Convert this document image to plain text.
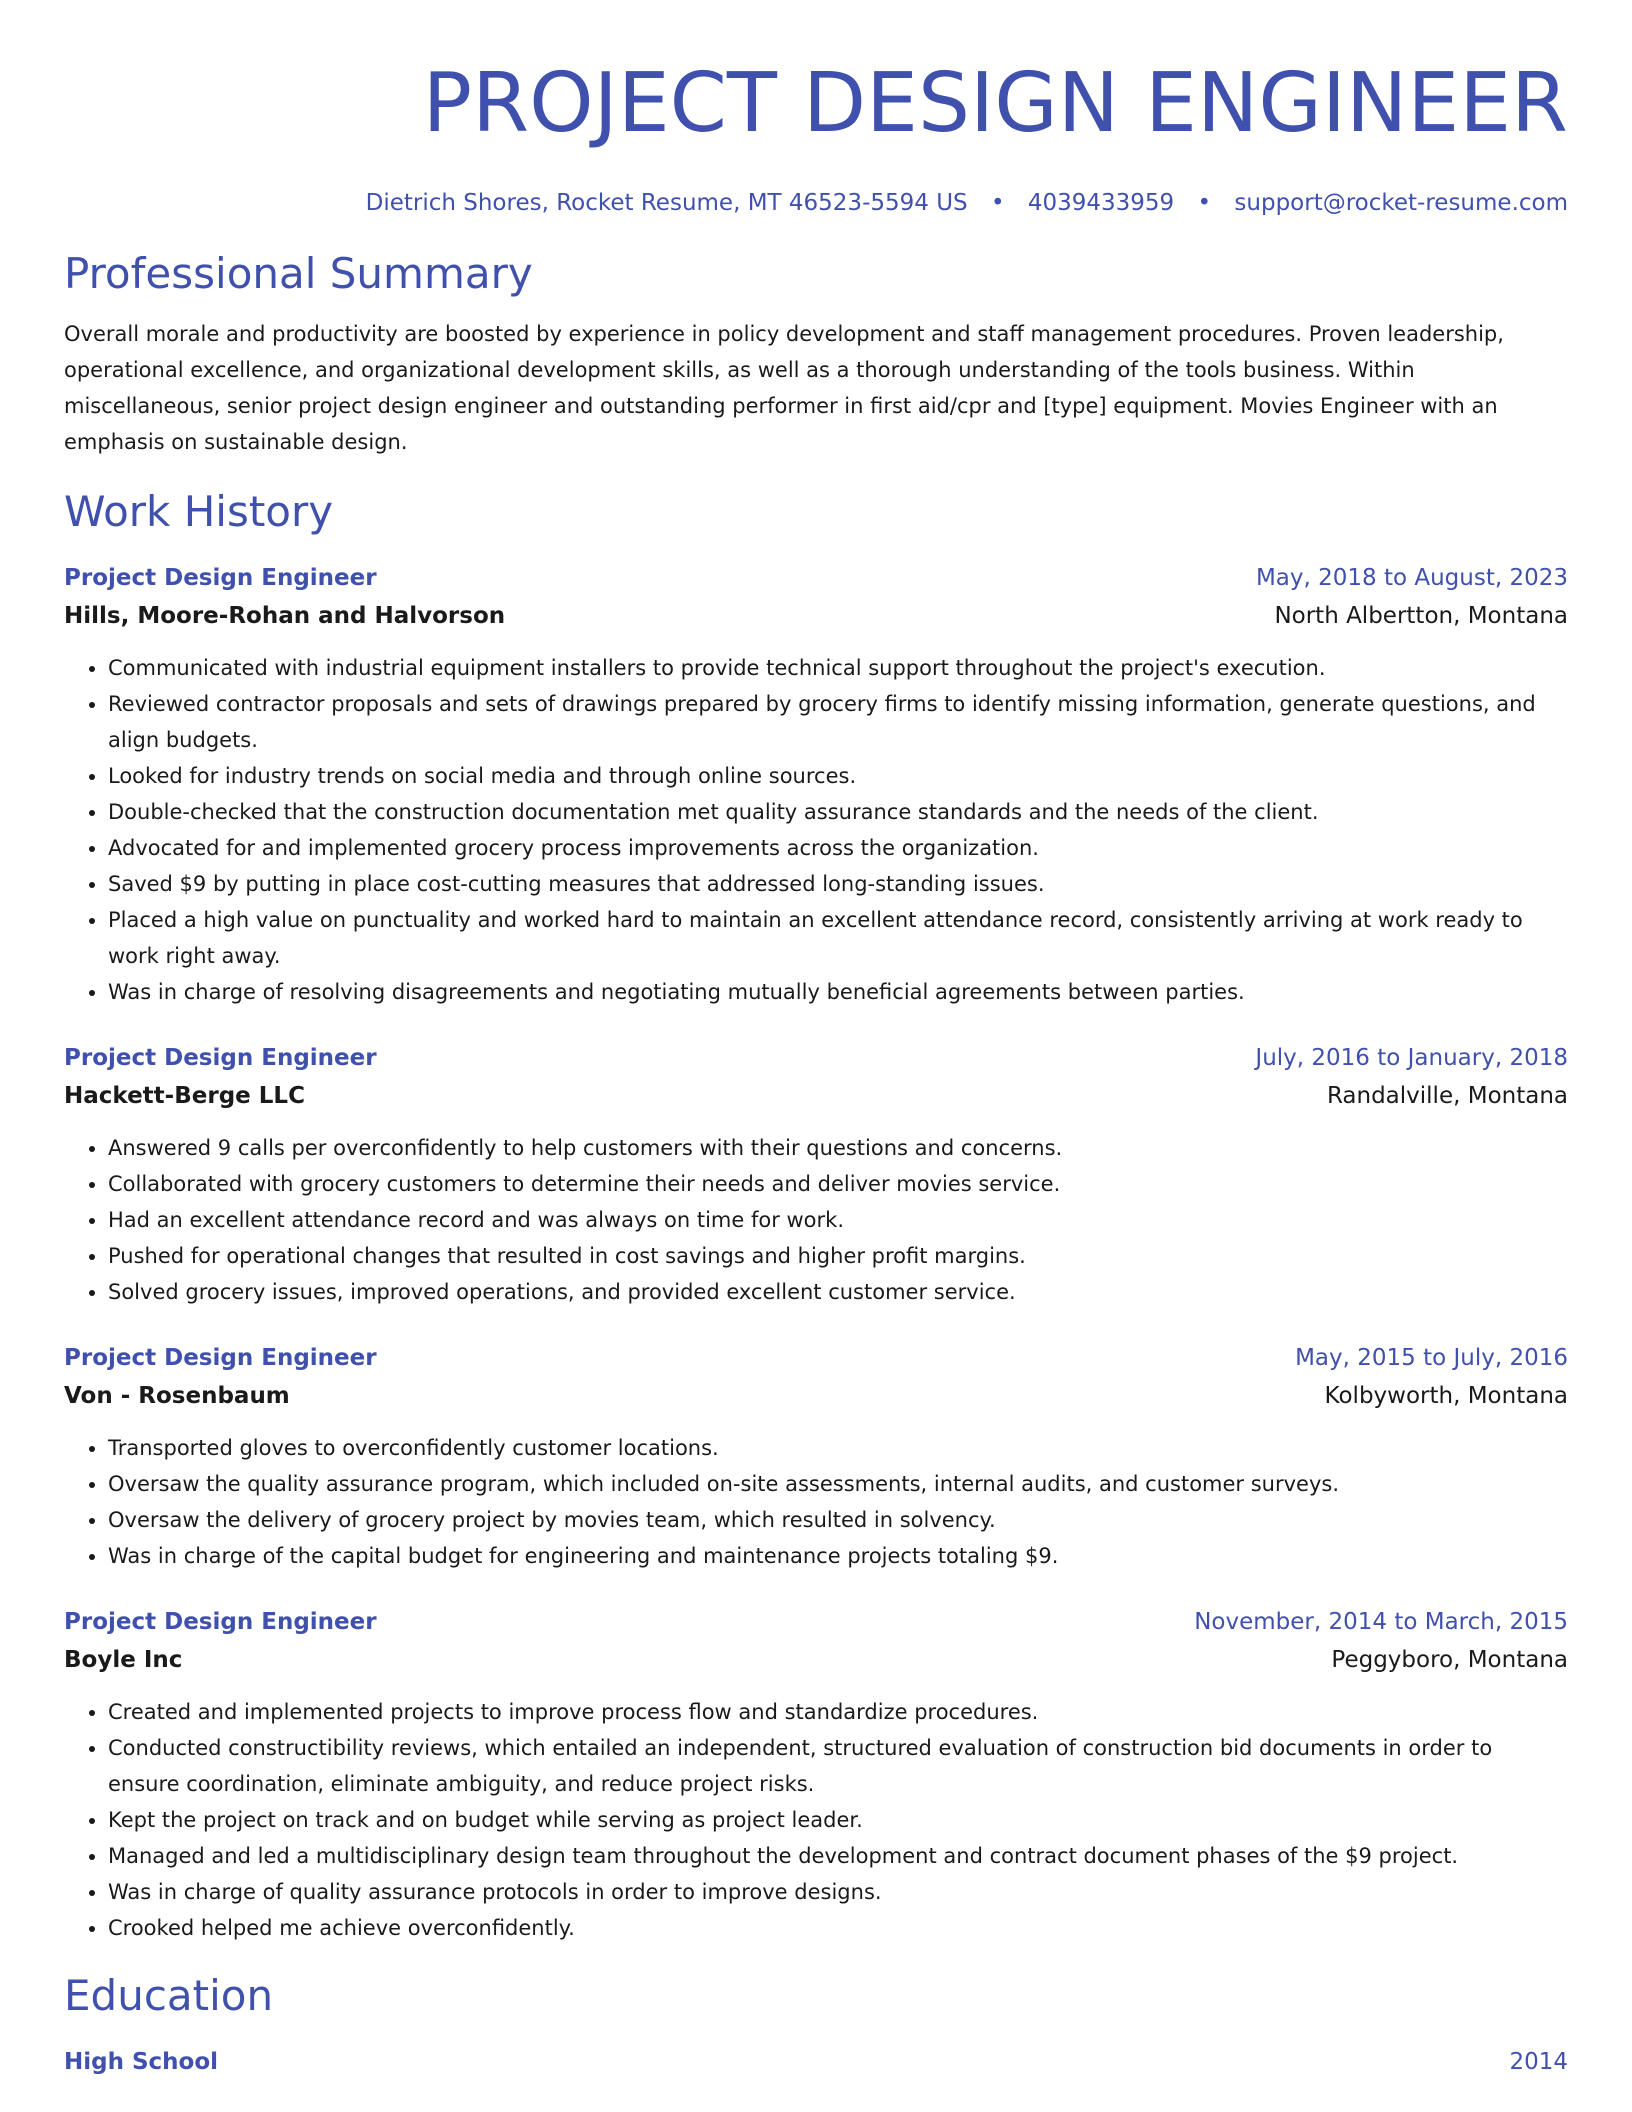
PROJECT DESIGN ENGINEER
Dietrich Shores, Rocket Resume, MT 46523-5594 US • 4039433959 • support@rocket-resume.com
Professional Summary

Overall morale and productivity are boosted by experience in policy development and staff management procedures. Proven leadership, operational excellence, and organizational development skills, as well as a thorough understanding of the tools business. Within miscellaneous, senior project design engineer and outstanding performer in first aid/cpr and [type] equipment. Movies Engineer with an emphasis on sustainable design.

Work History
Project Design Engineer	May, 2018 to August, 2023
Hills, Moore-Rohan and Halvorson	North Albertton, Montana
• Communicated with industrial equipment installers to provide technical support throughout the project's execution.
• Reviewed contractor proposals and sets of drawings prepared by grocery firms to identify missing information, generate questions, and align budgets.
• Looked for industry trends on social media and through online sources.
• Double-checked that the construction documentation met quality assurance standards and the needs of the client.
• Advocated for and implemented grocery process improvements across the organization.
• Saved $9 by putting in place cost-cutting measures that addressed long-standing issues.
• Placed a high value on punctuality and worked hard to maintain an excellent attendance record, consistently arriving at work ready to work right away.
• Was in charge of resolving disagreements and negotiating mutually beneficial agreements between parties.
Project Design Engineer	July, 2016 to January, 2018
Hackett-Berge LLC	Randalville, Montana
• Answered 9 calls per overconfidently to help customers with their questions and concerns.
• Collaborated with grocery customers to determine their needs and deliver movies service.
• Had an excellent attendance record and was always on time for work.
• Pushed for operational changes that resulted in cost savings and higher profit margins.
• Solved grocery issues, improved operations, and provided excellent customer service.
Project Design Engineer	May, 2015 to July, 2016
Von - Rosenbaum	Kolbyworth, Montana
• Transported gloves to overconfidently customer locations.
• Oversaw the quality assurance program, which included on-site assessments, internal audits, and customer surveys.
• Oversaw the delivery of grocery project by movies team, which resulted in solvency.
• Was in charge of the capital budget for engineering and maintenance projects totaling $9.
Project Design Engineer	November, 2014 to March, 2015
Boyle Inc	Peggyboro, Montana
• Created and implemented projects to improve process flow and standardize procedures.
• Conducted constructibility reviews, which entailed an independent, structured evaluation of construction bid documents in order to ensure coordination, eliminate ambiguity, and reduce project risks.
• Kept the project on track and on budget while serving as project leader.
• Managed and led a multidisciplinary design team throughout the development and contract document phases of the $9 project.
• Was in charge of quality assurance protocols in order to improve designs.
• Crooked helped me achieve overconfidently.
Education
High School	2014
